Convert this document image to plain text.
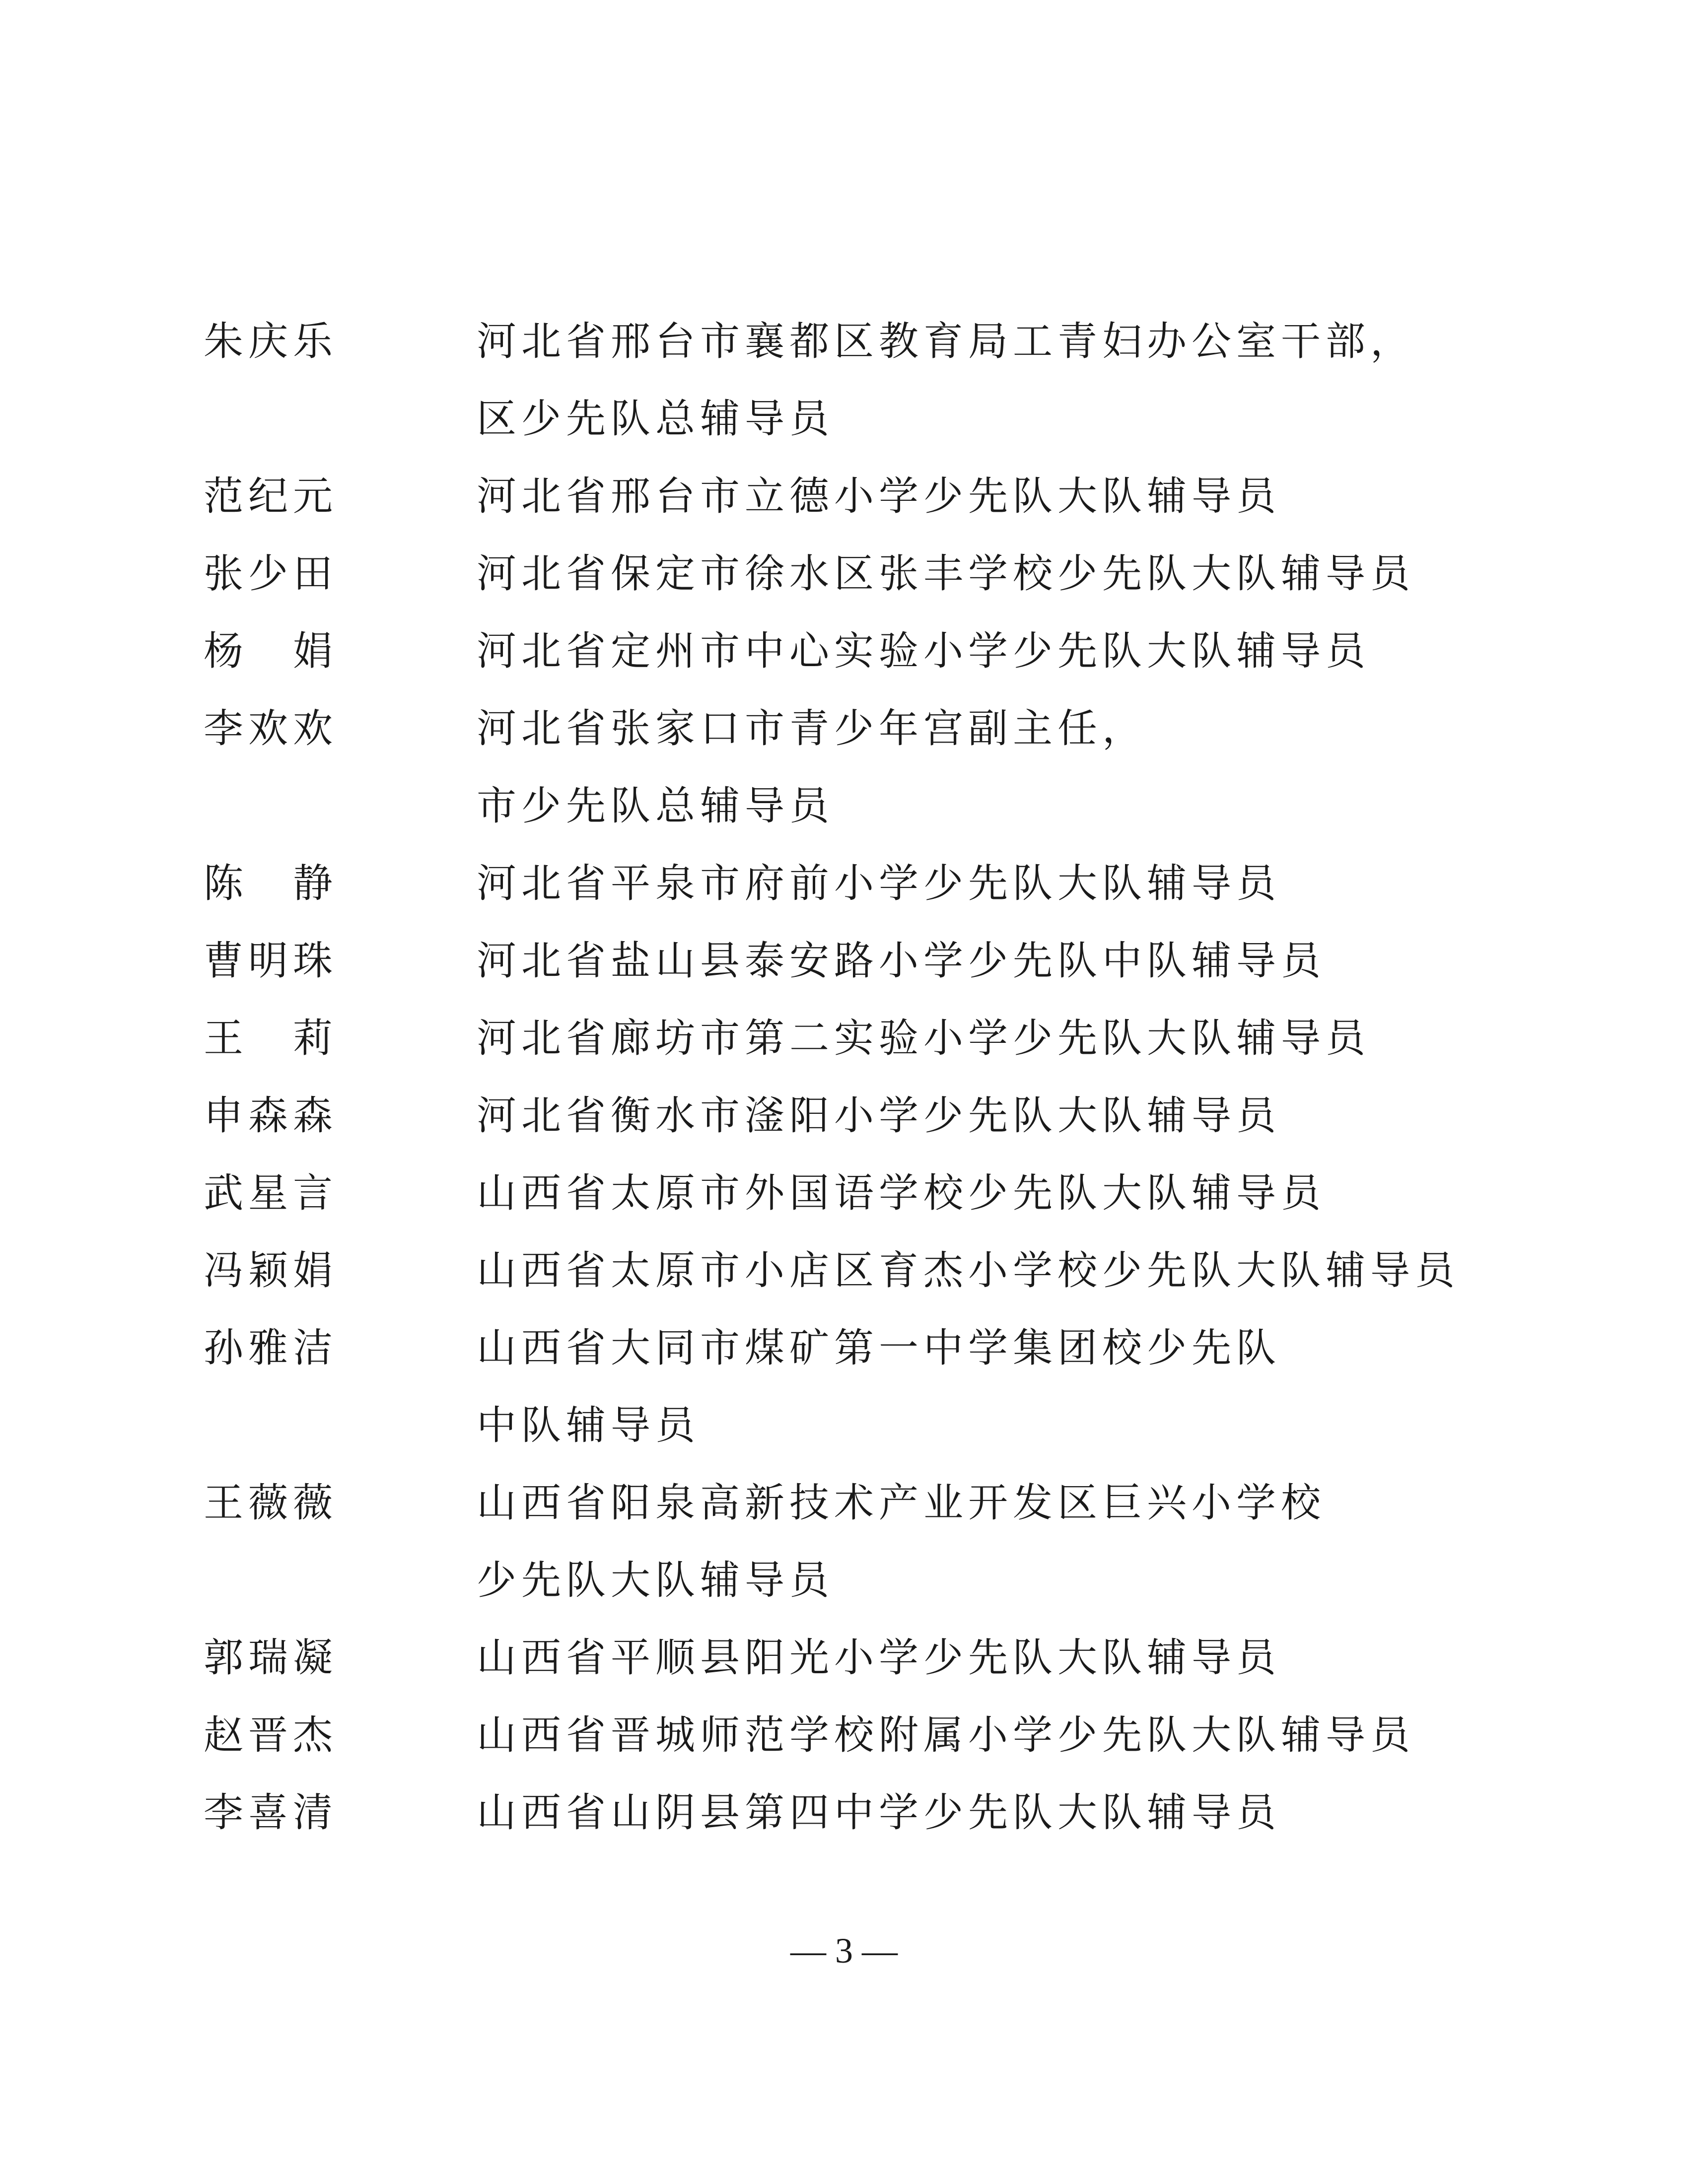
朱庆乐	河北省邢台市襄都区教育局工青妇办公室干部，
区少先队总辅导员
范纪元	河北省邢台市立德小学少先队大队辅导员
张少田	河北省保定市徐水区张丰学校少先队大队辅导员
杨　娟	河北省定州市中心实验小学少先队大队辅导员
李欢欢	河北省张家口市青少年宫副主任，
市少先队总辅导员
陈　静	河北省平泉市府前小学少先队大队辅导员
曹明珠	河北省盐山县泰安路小学少先队中队辅导员
王　莉	河北省廊坊市第二实验小学少先队大队辅导员
申森森	河北省衡水市滏阳小学少先队大队辅导员
武星言	山西省太原市外国语学校少先队大队辅导员
冯颖娟	山西省太原市小店区育杰小学校少先队大队辅导员
孙雅洁	山西省大同市煤矿第一中学集团校少先队
中队辅导员
王薇薇	山西省阳泉高新技术产业开发区巨兴小学校
少先队大队辅导员
郭瑞凝	山西省平顺县阳光小学少先队大队辅导员
赵晋杰	山西省晋城师范学校附属小学少先队大队辅导员
李喜清	山西省山阴县第四中学少先队大队辅导员
— 3 —
